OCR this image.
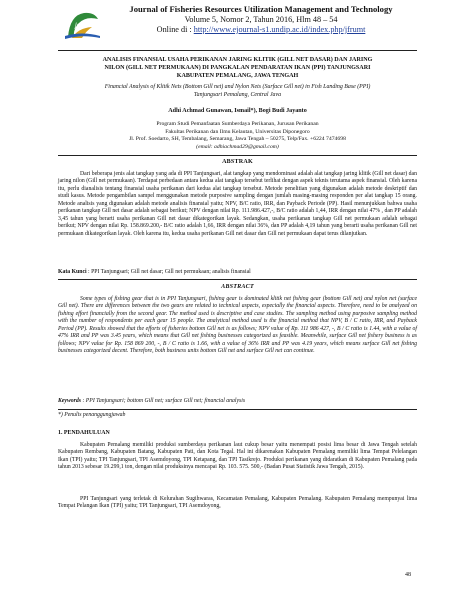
Journal
Journal of Fisheries Resources Utilization Management and Technology
Volume 5, Nomor 2, Tahun 2016, Hlm 48 – 54
Online di : http://www.ejournal-s1.undip.ac.id/index.php/jfrumt
ANALISIS FINANSIAL USAHA PERIKANAN JARING KLITIK (GILL NET DASAR) DAN JARING
NILON (GILL NET PERMUKAAN) DI PANGKALAN PENDARATAN IKAN (PPI) TANJUNGSARI
KABUPATEN PEMALANG, JAWA TENGAH
Financial Analysis of Klitik Nets (Bottom Gill net) and Nylon Nets (Surface Gill net) in Fish Landing Base (PPI)
Tanjungsari Pemalang, Central Java
Adhi Achmad Gunawan, Ismail*), Bogi Budi Jayanto
Program Studi Pemanfaatan Sumberdaya Perikanan, Jurusan Perikanan
Fakultas Perikanan dan Ilmu Kelautan, Universitas Diponegoro
Jl. Prof. Soedarto, SH, Tembalang, Semarang, Jawa Tengah – 50275, Telp/Fax. +6224 7474698
(email: adhiachmad29@gmail.com)
ABSTRAK
Dari beberapa jenis alat tangkap yang ada di PPI Tanjungsari, alat tangkap yang mendominasi adalah alat tangkap jaring klitik (Gill net dasar) dan jaring nilon (Gill net permukaan). Terdapat perbedaan antara kedua alat tangkap tersebut terlihat dengan aspek teknis terutama aspek finansial. Oleh karena itu, perlu dianalisis tentang finansial usaha perikanan dari kedua alat tangkap tersebut. Metode penelitian yang digunakan adalah metode deskriptif dan studi kasus. Metode pengambilan sampel menggunakan metode purposive sampling dengan jumlah masing-masing responden per alat tangkap 15 orang. Metode analisis yang digunakan adalah metode analisis finansial yaitu; NPV, B/C ratio, IRR, dan Payback Periode (PP). Hasil menunjukkan bahwa usaha perikanan tangkap Gill net dasar adalah sebagai berikut; NPV dengan nilai Rp. 111.986.427,-, B/C ratio adalah 1,44, IRR dengan nilai 47% , dan PP adalah 3,45 tahun yang berarti usaha perikanan Gill net dasar dikategorikan layak. Sedangkan, usaha perikanan tangkap Gill net permukaan adalah sebagai berikut; NPV dengan nilai Rp. 158.869.200,- B/C ratio adalah 1,66, IRR dengan nilai 36%, dan PP adalah 4,19 tahun yang berarti usaha perikanan Gill net permukaan dikategorikan layak. Oleh karena itu, kedua usaha perikanan Gill net dasar dan Gill net permukaan dapat terus dilanjutkan.
Kata Kunci : PPI Tanjungsari; Gill net dasar; Gill net permukaan; analisis finansial
ABSTRACT
Some types of fishing gear that is in PPI Tanjungsari, fishing gear is dominated klitik net fishing gear (bottom Gill net) and nylon net (surface Gill net). There are differences between the two gears are related to technical aspects, especially the financial aspects. Therefore, need to be analyzed on fishing effort financially from the second gear. The method used is descriptive and case studies. The sampling method using purposive sampling method with the number of respondents per each gear 15 people. The analytical method used is the financial method that NPV, B / C ratio, IRR, and Payback Period (PP). Results showed that the efforts of fisheries bottom Gill net is as follows; NPV value of Rp. 111 986 427, -, B / C ratio is 1.44, with a value of 47% IRR and PP was 3.45 years, which means that Gill net fishing businesses categorized as feasible. Meanwhile, surface Gill net fishery business is as follows; NPV value for Rp. 158 869 200, -, B / C ratio is 1.66, with a value of 36% IRR and PP was 4.19 years, which means surface Gill net fishing businesses categorized decent. Therefore, both business units bottom Gill net and surface Gill net can continue.
Keywords : PPI Tanjungsari; bottom Gill net; surface Gill net; financial analysis
*) Penulis penanggungjawab
1. PENDAHULUAN
Kabupaten Pemalang memiliki produksi sumberdaya perikanan laut cukup besar yaitu menempati posisi lima besar di Jawa Tengah setelah Kabupaten Rembang, Kabupaten Batang, Kabupaten Pati, dan Kota Tegal. Hal ini dikarenakan Kabupaten Pemalang memiliki lima Tempat Pelelangan Ikan (TPI) yaitu; TPI Tanjungsari, TPI Asemdoyong, TPI Ketapang, dan TPI Tasikrejo. Produksi perikanan yang didaratkan di Kabupaten Pemalang pada tahun 2013 sebesar 19.299,1 ton, dengan nilai produksinya mencapai Rp. 103. 575. 500,- (Badan Pusat Statistik Jawa Tengah, 2015).
PPI Tanjungsari yang terletak di Kelurahan Sugihwaras, Kecamatan Pemalang, Kabupaten Pemalang. Kabupaten Pemalang mempunyai lima Tempat Pelangan Ikan (TPI) yaitu; TPI Tanjungsari, TPI Asemdoyong,
48
